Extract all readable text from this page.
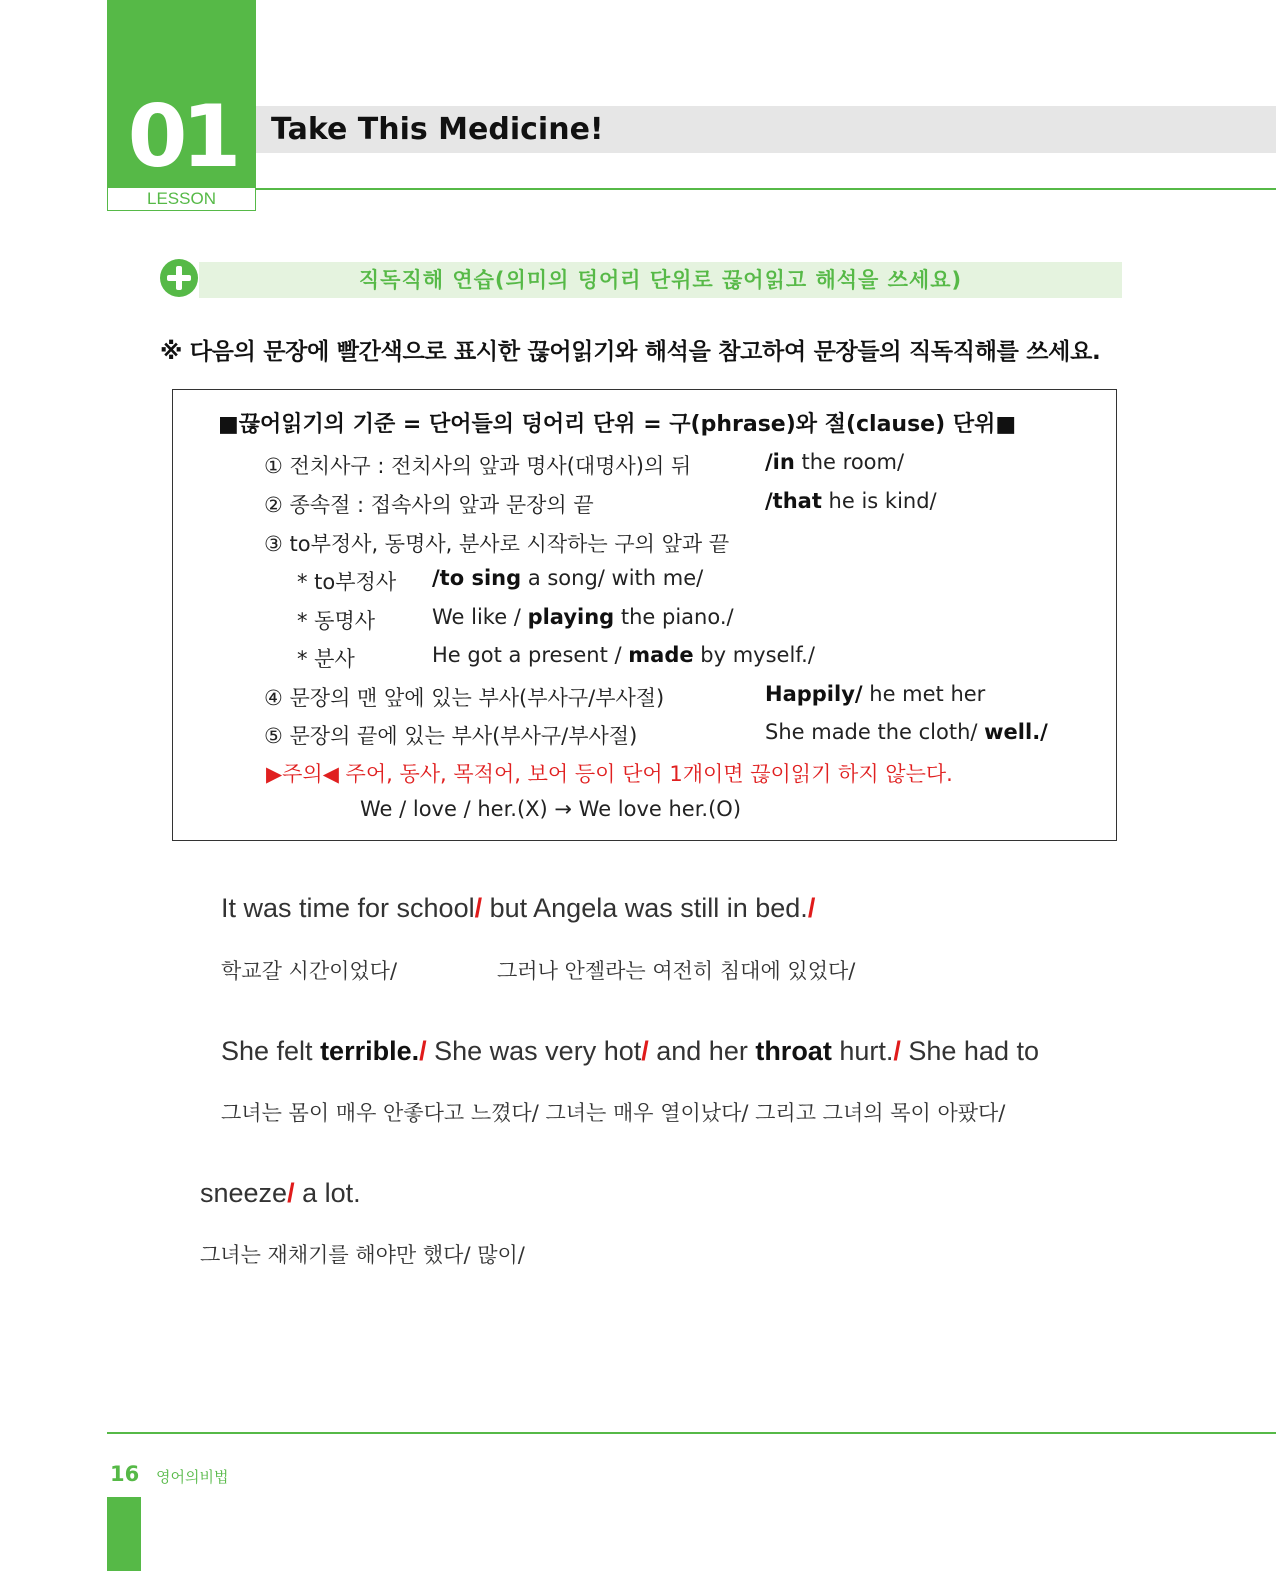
01
LESSON
Take This Medicine!
직독직해 연습(의미의 덩어리 단위로 끊어읽고 해석을 쓰세요)
※ 다음의 문장에 빨간색으로 표시한 끊어읽기와 해석을 참고하여 문장들의 직독직해를 쓰세요.
■끊어읽기의 기준 = 단어들의 덩어리 단위 = 구(phrase)와 절(clause) 단위■
① 전치사구 : 전치사의 앞과 명사(대명사)의 뒤	/in the room/
② 종속절 : 접속사의 앞과 문장의 끝	/that he is kind/
③ to부정사, 동명사, 분사로 시작하는 구의 앞과 끝
* to부정사 /to sing a song/ with me/
* 동명사	We like / playing the piano./
* 분사	He got a present / made by myself./
④ 문장의 맨 앞에 있는 부사(부사구/부사절)	Happily/ he met her
⑤ 문장의 끝에 있는 부사(부사구/부사절)	She made the cloth/ well./
▶주의◀ 주어, 동사, 목적어, 보어 등이 단어 1개이면 끊이읽기 하지 않는다.
We / love / her.(X) → We love her.(O)
It was time for school/ but Angela was still in bed./
학교갈 시간이었다/	그러나 안젤라는 여전히 침대에 있었다/
She felt terrible./ She was very hot/ and her throat hurt./ She had to
그녀는 몸이 매우 안좋다고 느꼈다/ 그녀는 매우 열이났다/ 그리고 그녀의 목이 아팠다/
sneeze/ a lot.
그녀는 재채기를 해야만 했다/ 많이/
16 영어의비법
